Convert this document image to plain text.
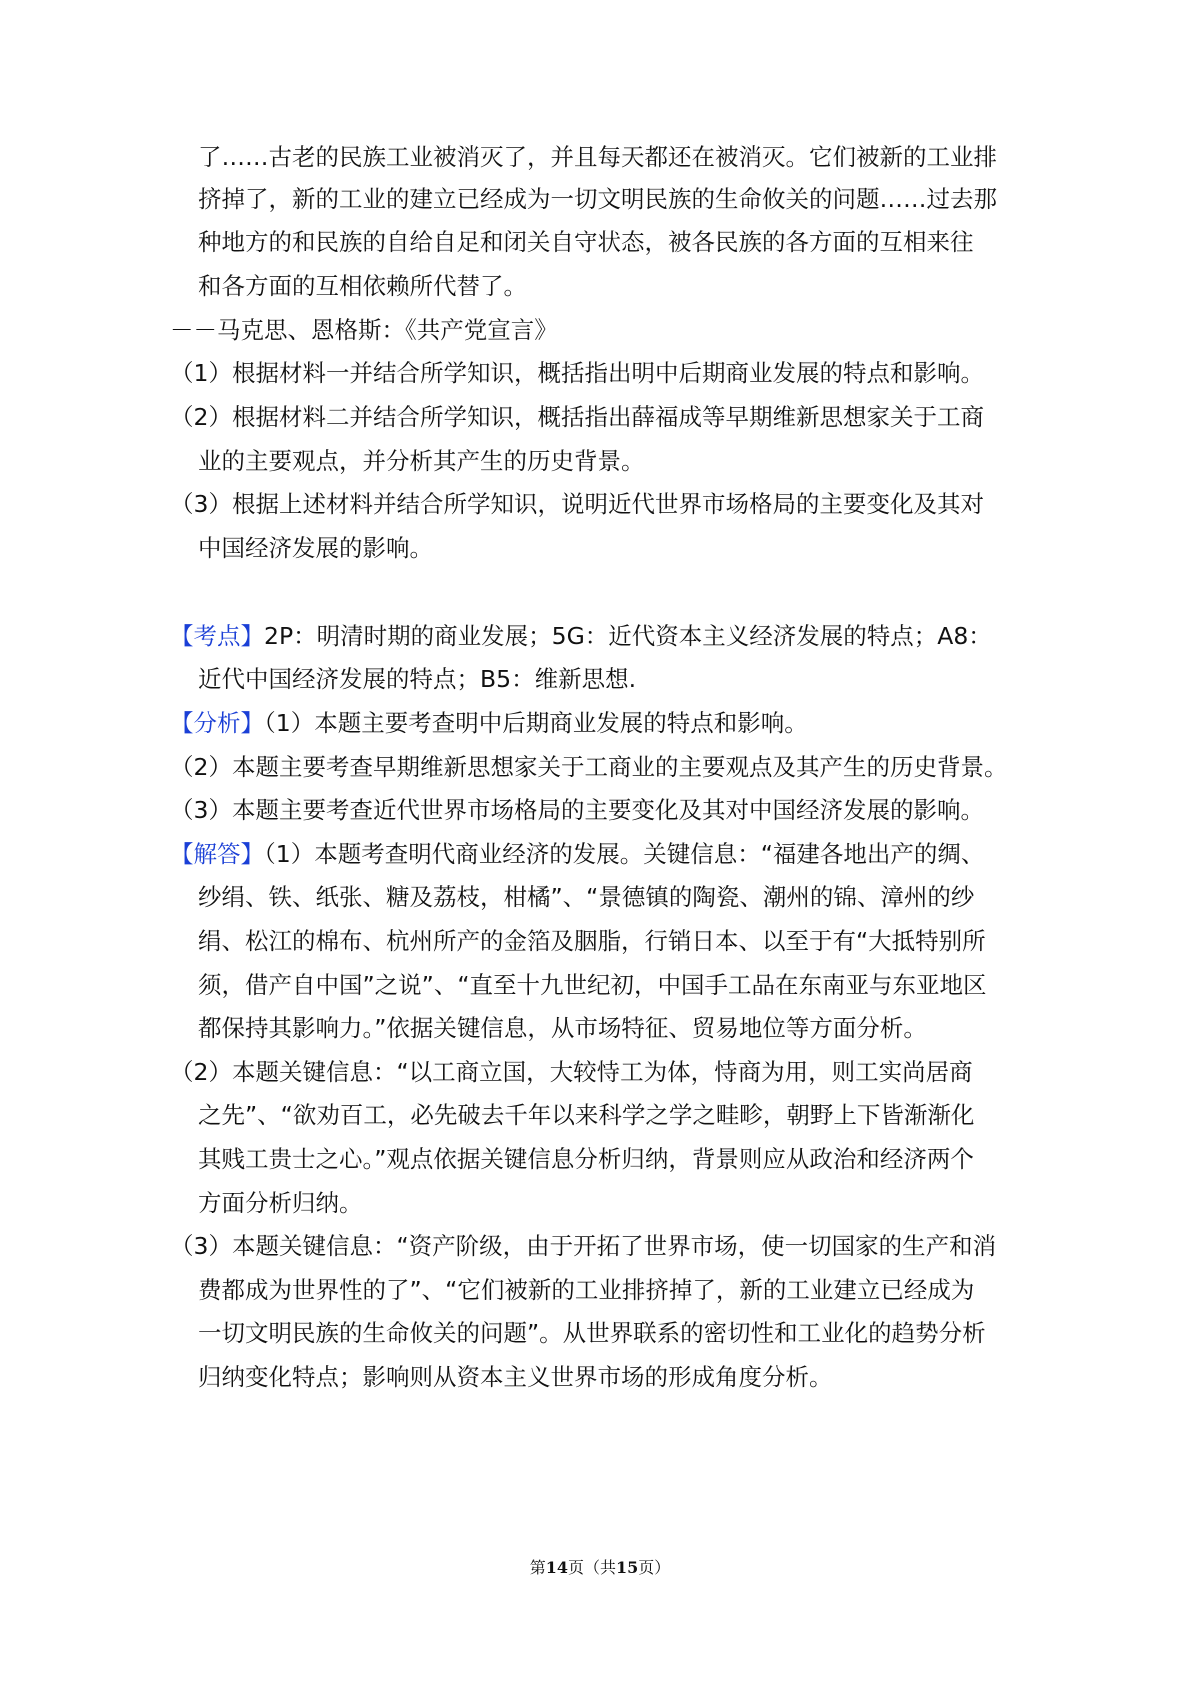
了……古老的民族工业被消灭了，并且每天都还在被消灭。它们被新的工业排
挤掉了，新的工业的建立已经成为一切文明民族的生命攸关的问题……过去那
种地方的和民族的自给自足和闭关自守状态，被各民族的各方面的互相来往
和各方面的互相依赖所代替了。
－－马克思、恩格斯：《共产党宣言》
（1）根据材料一并结合所学知识，概括指出明中后期商业发展的特点和影响。
（2）根据材料二并结合所学知识，概括指出薛福成等早期维新思想家关于工商
业的主要观点，并分析其产生的历史背景。
（3）根据上述材料并结合所学知识，说明近代世界市场格局的主要变化及其对
中国经济发展的影响。
【考点】2P：明清时期的商业发展；5G：近代资本主义经济发展的特点；A8：
近代中国经济发展的特点；B5：维新思想.
【分析】（1）本题主要考查明中后期商业发展的特点和影响。
（2）本题主要考查早期维新思想家关于工商业的主要观点及其产生的历史背景。
（3）本题主要考查近代世界市场格局的主要变化及其对中国经济发展的影响。
【解答】（1）本题考查明代商业经济的发展。关键信息：“福建各地出产的绸、
纱绢、铁、纸张、糖及荔枝，柑橘”、“景德镇的陶瓷、潮州的锦、漳州的纱
绢、松江的棉布、杭州所产的金箔及胭脂，行销日本、以至于有“大抵特别所
须，借产自中国”之说”、“直至十九世纪初，中国手工品在东南亚与东亚地区
都保持其影响力。”依据关键信息，从市场特征、贸易地位等方面分析。
（2）本题关键信息：“以工商立国，大较恃工为体，恃商为用，则工实尚居商
之先”、“欲劝百工，必先破去千年以来科学之学之畦畛，朝野上下皆渐渐化
其贱工贵士之心。”观点依据关键信息分析归纳，背景则应从政治和经济两个
方面分析归纳。
（3）本题关键信息：“资产阶级，由于开拓了世界市场，使一切国家的生产和消
费都成为世界性的了”、“它们被新的工业排挤掉了，新的工业建立已经成为
一切文明民族的生命攸关的问题”。从世界联系的密切性和工业化的趋势分析
归纳变化特点；影响则从资本主义世界市场的形成角度分析。
第14页（共15页）
